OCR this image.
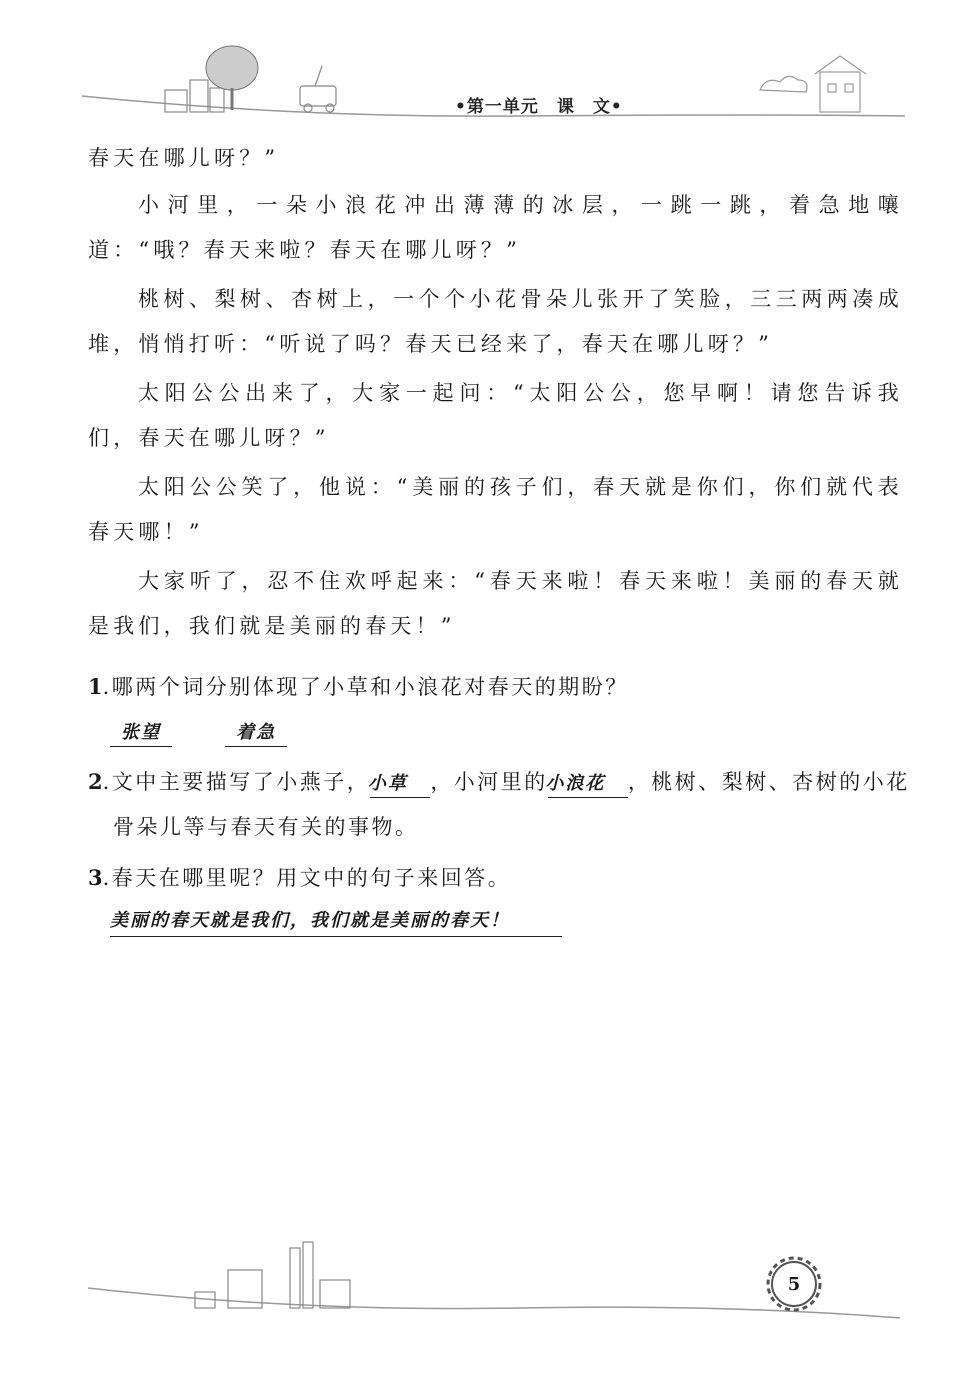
•第一单元　课　文•

春天在哪儿呀？”

小河里，一朵小浪花冲出薄薄的冰层，一跳一跳，着急地嚷道：“哦？春天来啦？春天在哪儿呀？”

桃树、梨树、杏树上，一个个小花骨朵儿张开了笑脸，三三两两凑成堆，悄悄打听：“听说了吗？春天已经来了，春天在哪儿呀？”

太阳公公出来了，大家一起问：“太阳公公，您早啊！请您告诉我们，春天在哪儿呀？”

太阳公公笑了，他说：“美丽的孩子们，春天就是你们，你们就代表春天哪！”

大家听了，忍不住欢呼起来：“春天来啦！春天来啦！美丽的春天就是我们，我们就是美丽的春天！”

1.哪两个词分别体现了小草和小浪花对春天的期盼？

张望	着急

2.文中主要描写了小燕子，小草 ，小河里的小浪花 ，桃树、梨树、杏树的小花骨朵儿等与春天有关的事物。

3.春天在哪里呢？用文中的句子来回答。

美丽的春天就是我们，我们就是美丽的春天！
5
